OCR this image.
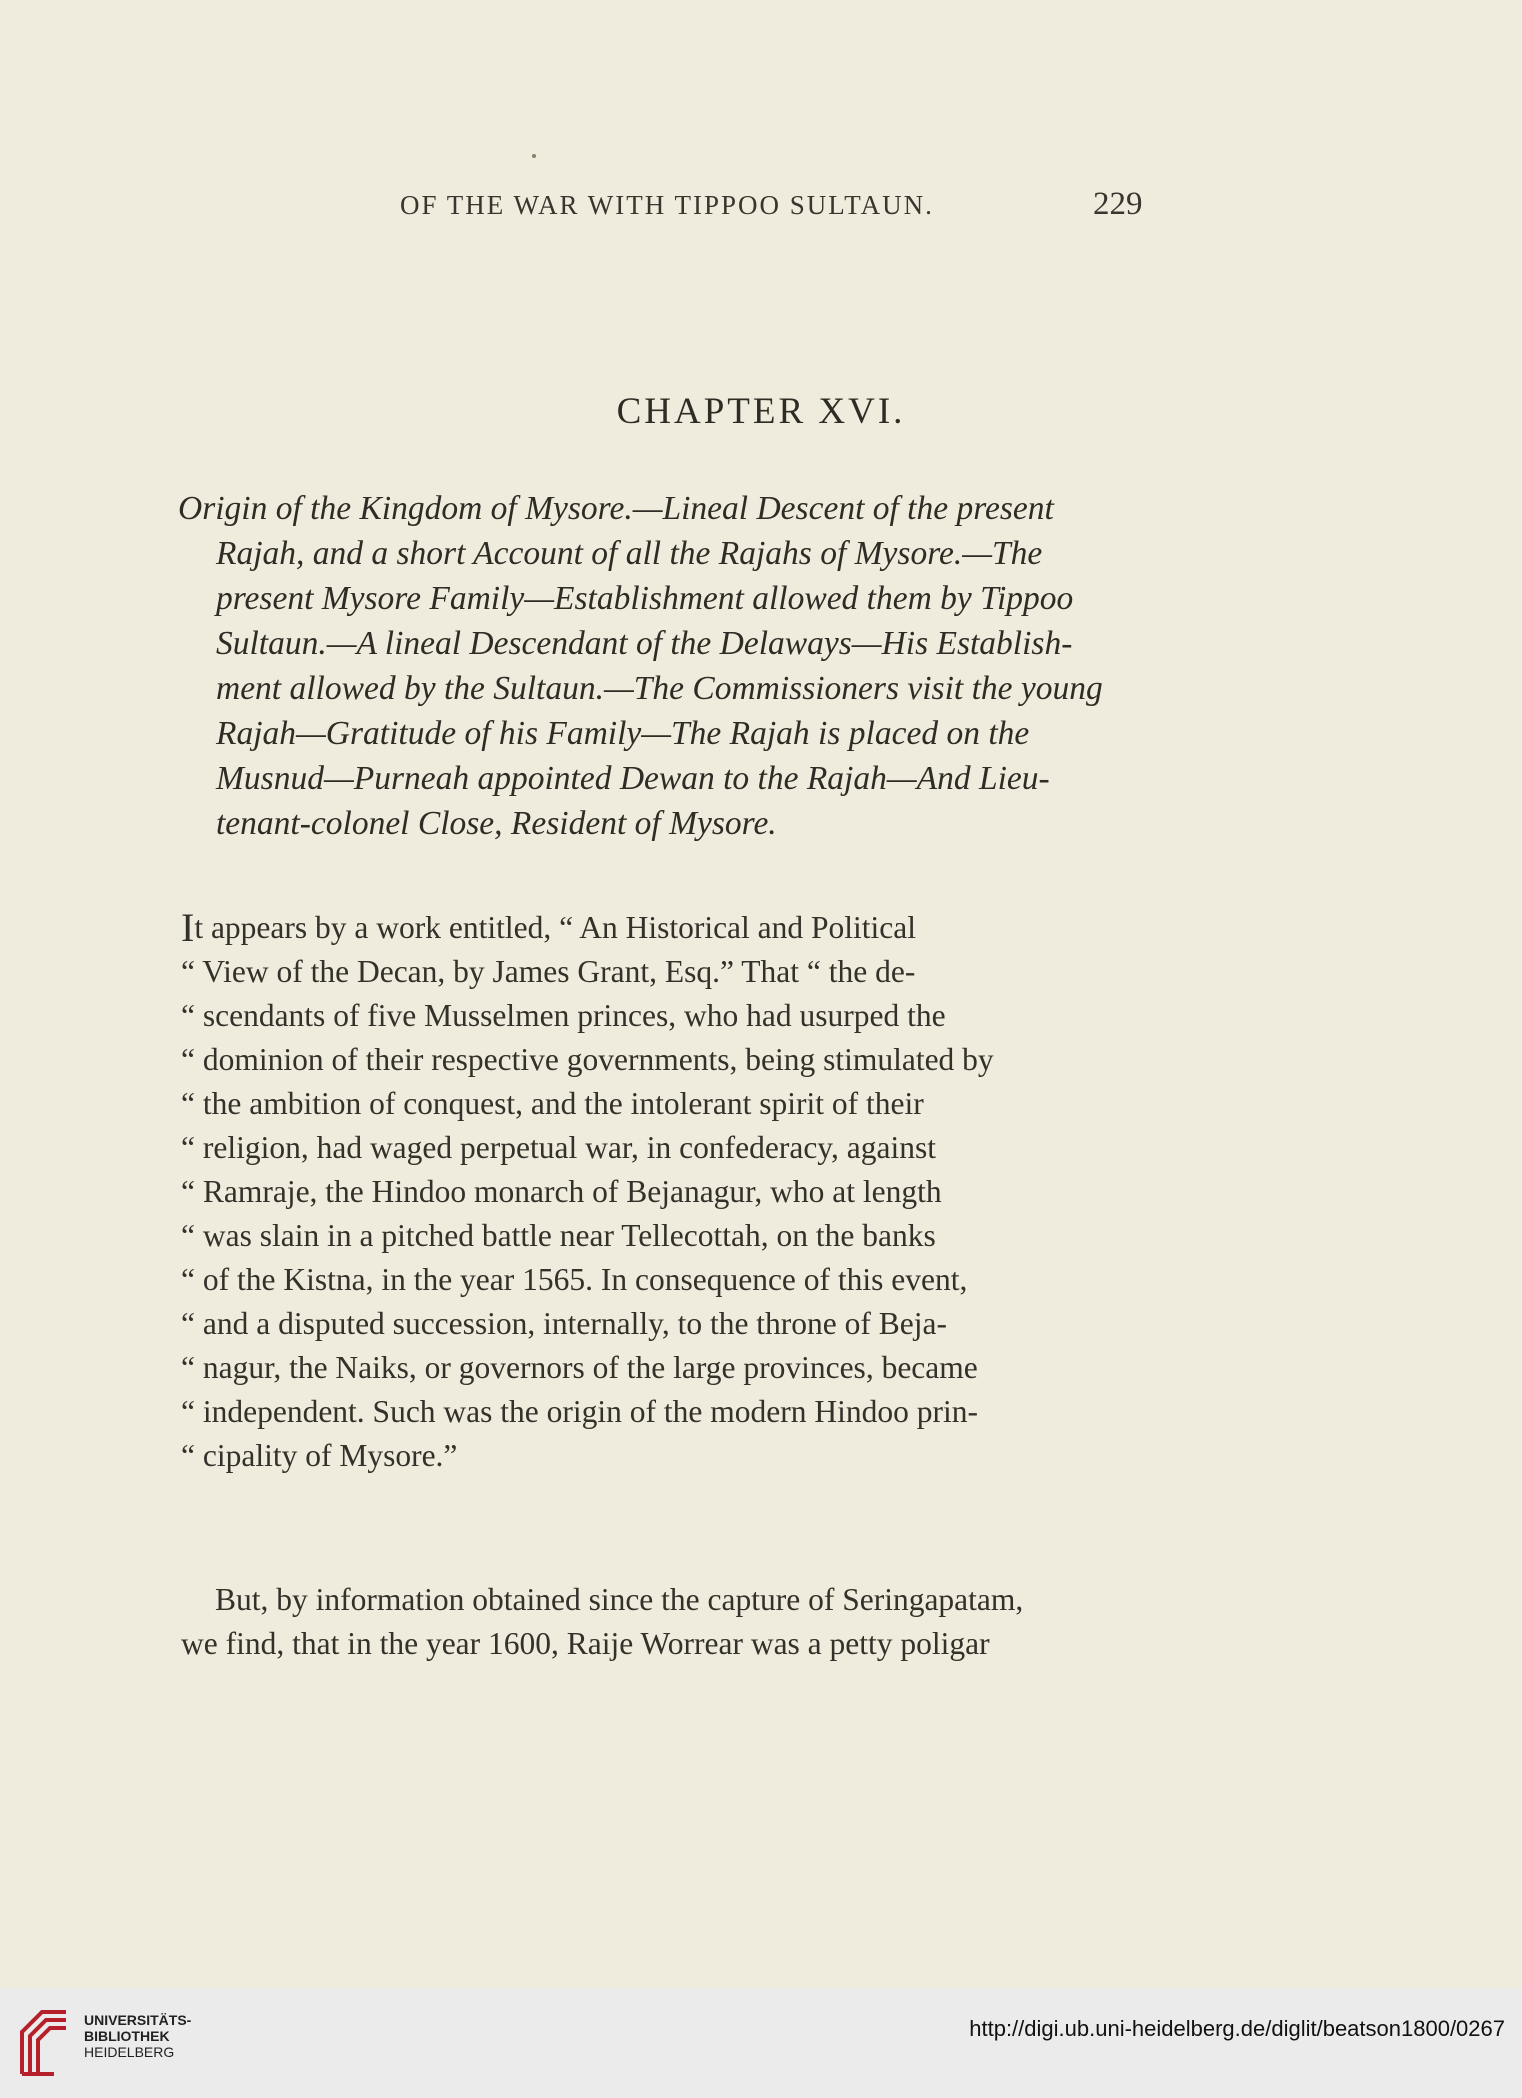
OF THE WAR WITH TIPPOO SULTAUN.	229
CHAPTER XVI.
Origin of the Kingdom of Mysore.—Lineal Descent of the present
Rajah, and a short Account of all the Rajahs of Mysore.—The
present Mysore Family—Establishment allowed them by Tippoo
Sultaun.—A lineal Descendant of the Delaways—His Establish-
ment allowed by the Sultaun.—The Commissioners visit the young
Rajah—Gratitude of his Family—The Rajah is placed on the
Musnud—Purneah appointed Dewan to the Rajah—And Lieu-
tenant-colonel Close, Resident of Mysore.
I t appears by a work entitled, “ An Historical and Political
“ View of the Decan, by James Grant, Esq.” That “ the de-
“ scendants of five Musselmen princes, who had usurped the
“ dominion of their respective governments, being stimulated by
“ the ambition of conquest, and the intolerant spirit of their
“ religion, had waged perpetual war, in confederacy, against
“ Ramraje, the Hindoo monarch of Bejanagur, who at length
“ was slain in a pitched battle near Tellecottah, on the banks
“ of the Kistna, in the year 1565. In consequence of this event,
“ and a disputed succession, internally, to the throne of Beja-
“ nagur, the Naiks, or governors of the large provinces, became
“ independent. Such was the origin of the modern Hindoo prin-
“ cipality of Mysore.”
But, by information obtained since the capture of Seringapatam,
we find, that in the year 1600, Raije Worrear was a petty poligar
UNIVERSITÄTS-
BIBLIOTHEK
HEIDELBERG
http://digi.ub.uni-heidelberg.de/diglit/beatson1800/0267
